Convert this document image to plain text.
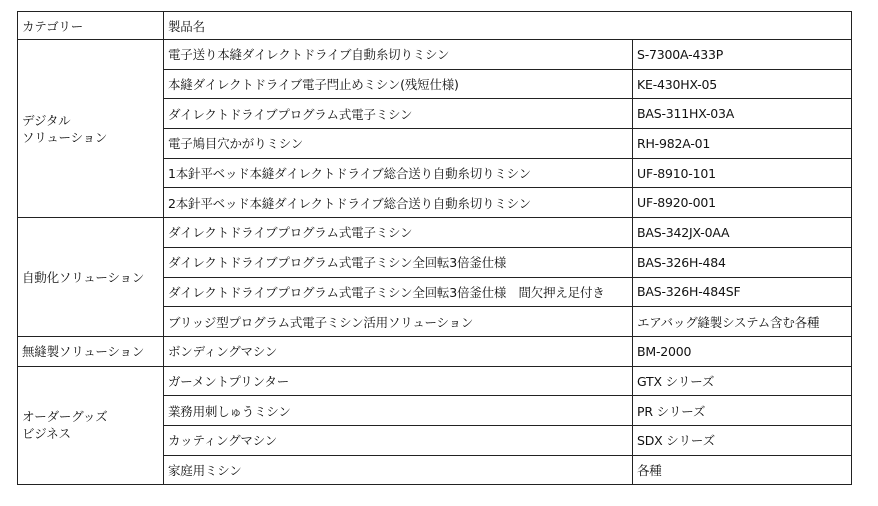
カテゴリー	製品名	

デジタル
ソリューション	電子送り本縫ダイレクトドライブ自動糸切りミシン	S-7300A-433P
	本縫ダイレクトドライブ電子閂止めミシン(残短仕様)	KE-430HX-05
	ダイレクトドライブプログラム式電子ミシン	BAS-311HX-03A
	電子鳩目穴かがりミシン	RH-982A-01
	1本針平ベッド本縫ダイレクトドライブ総合送り自動糸切りミシン	UF-8910-101
	2本針平ベッド本縫ダイレクトドライブ総合送り自動糸切りミシン	UF-8920-001

自動化ソリューション	ダイレクトドライブプログラム式電子ミシン	BAS-342JX-0AA
	ダイレクトドライブプログラム式電子ミシン全回転3倍釜仕様	BAS-326H-484
	ダイレクトドライブプログラム式電子ミシン全回転3倍釜仕様　間欠押え足付き	BAS-326H-484SF
	ブリッジ型プログラム式電子ミシン活用ソリューション	エアバッグ縫製システム含む各種

無縫製ソリューション	ボンディングマシン	BM-2000

オーダーグッズ
ビジネス	ガーメントプリンター	GTX シリーズ
	業務用刺しゅうミシン	PR シリーズ
	カッティングマシン	SDX シリーズ
	家庭用ミシン	各種
